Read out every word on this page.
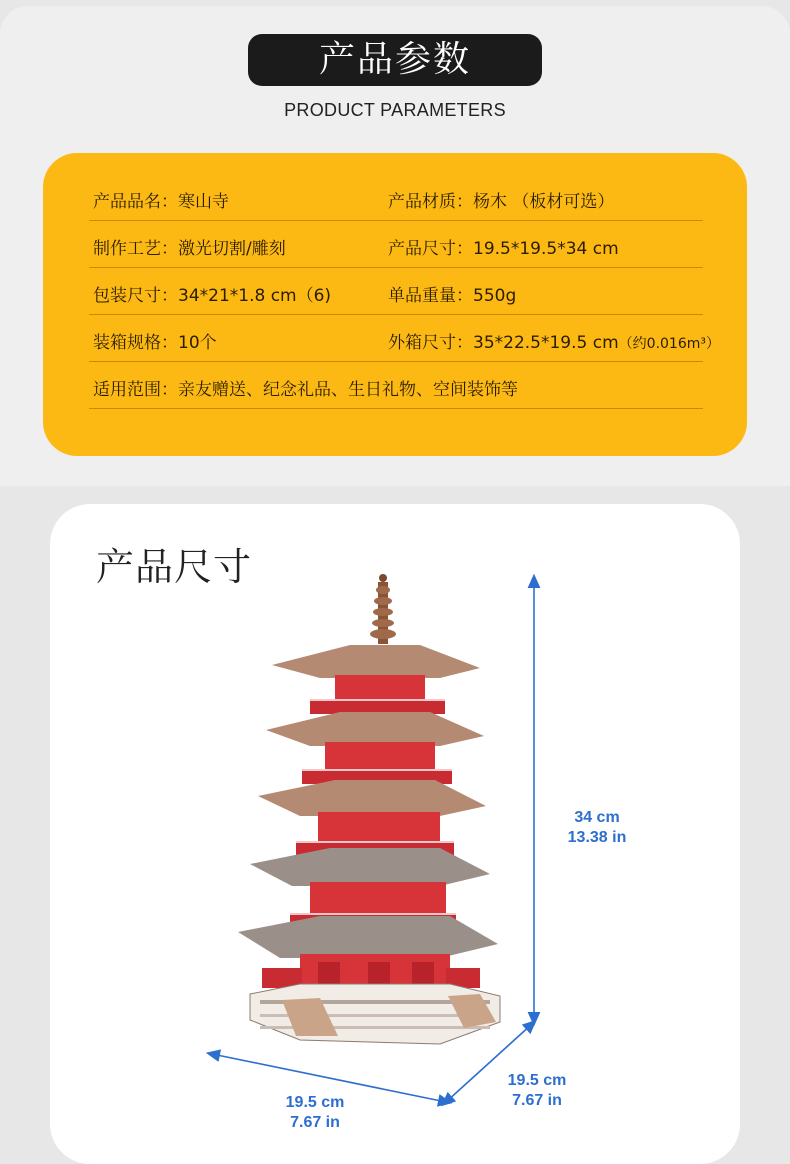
产品参数
PRODUCT PARAMETERS
产品品名：寒山寺	产品材质：杨木 （板材可选）
制作工艺：激光切割/雕刻	产品尺寸：19.5*19.5*34 cm
包装尺寸：34*21*1.8 cm（6)	单品重量：550g
装箱规格：10个	外箱尺寸：35*22.5*19.5 cm（约0.016m³）
适用范围：亲友赠送、纪念礼品、生日礼物、空间装饰等
产品尺寸
34 cm
13.38 in
19.5 cm
7.67 in
19.5 cm
7.67 in
